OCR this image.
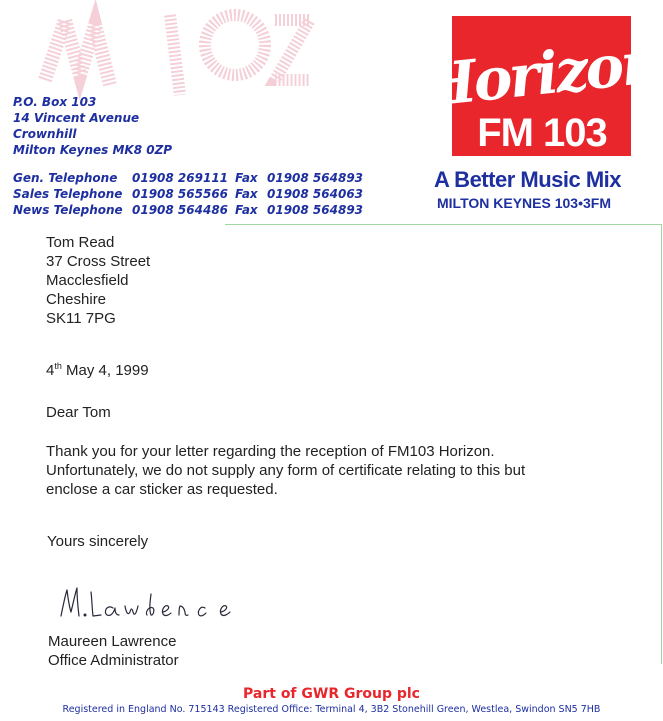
P.O. Box 103
14 Vincent Avenue
Crownhill
Milton Keynes MK8 0ZP
Gen. Telephone 01908 269111 Fax 01908 564893
Sales Telephone 01908 565566 Fax 01908 564063
News Telephone 01908 564486 Fax 01908 564893
Horizon
FM 103
A Better Music Mix
MILTON KEYNES 103•3FM
Tom Read
37 Cross Street
Macclesfield
Cheshire
SK11 7PG
4th May 4, 1999
Dear Tom
Thank you for your letter regarding the reception of FM103 Horizon.
Unfortunately, we do not supply any form of certificate relating to this but
enclose a car sticker as requested.
Yours sincerely
Maureen Lawrence
Office Administrator
Part of GWR Group plc
Registered in England No. 715143 Registered Office: Terminal 4, 3B2 Stonehill Green, Westlea, Swindon SN5 7HB
